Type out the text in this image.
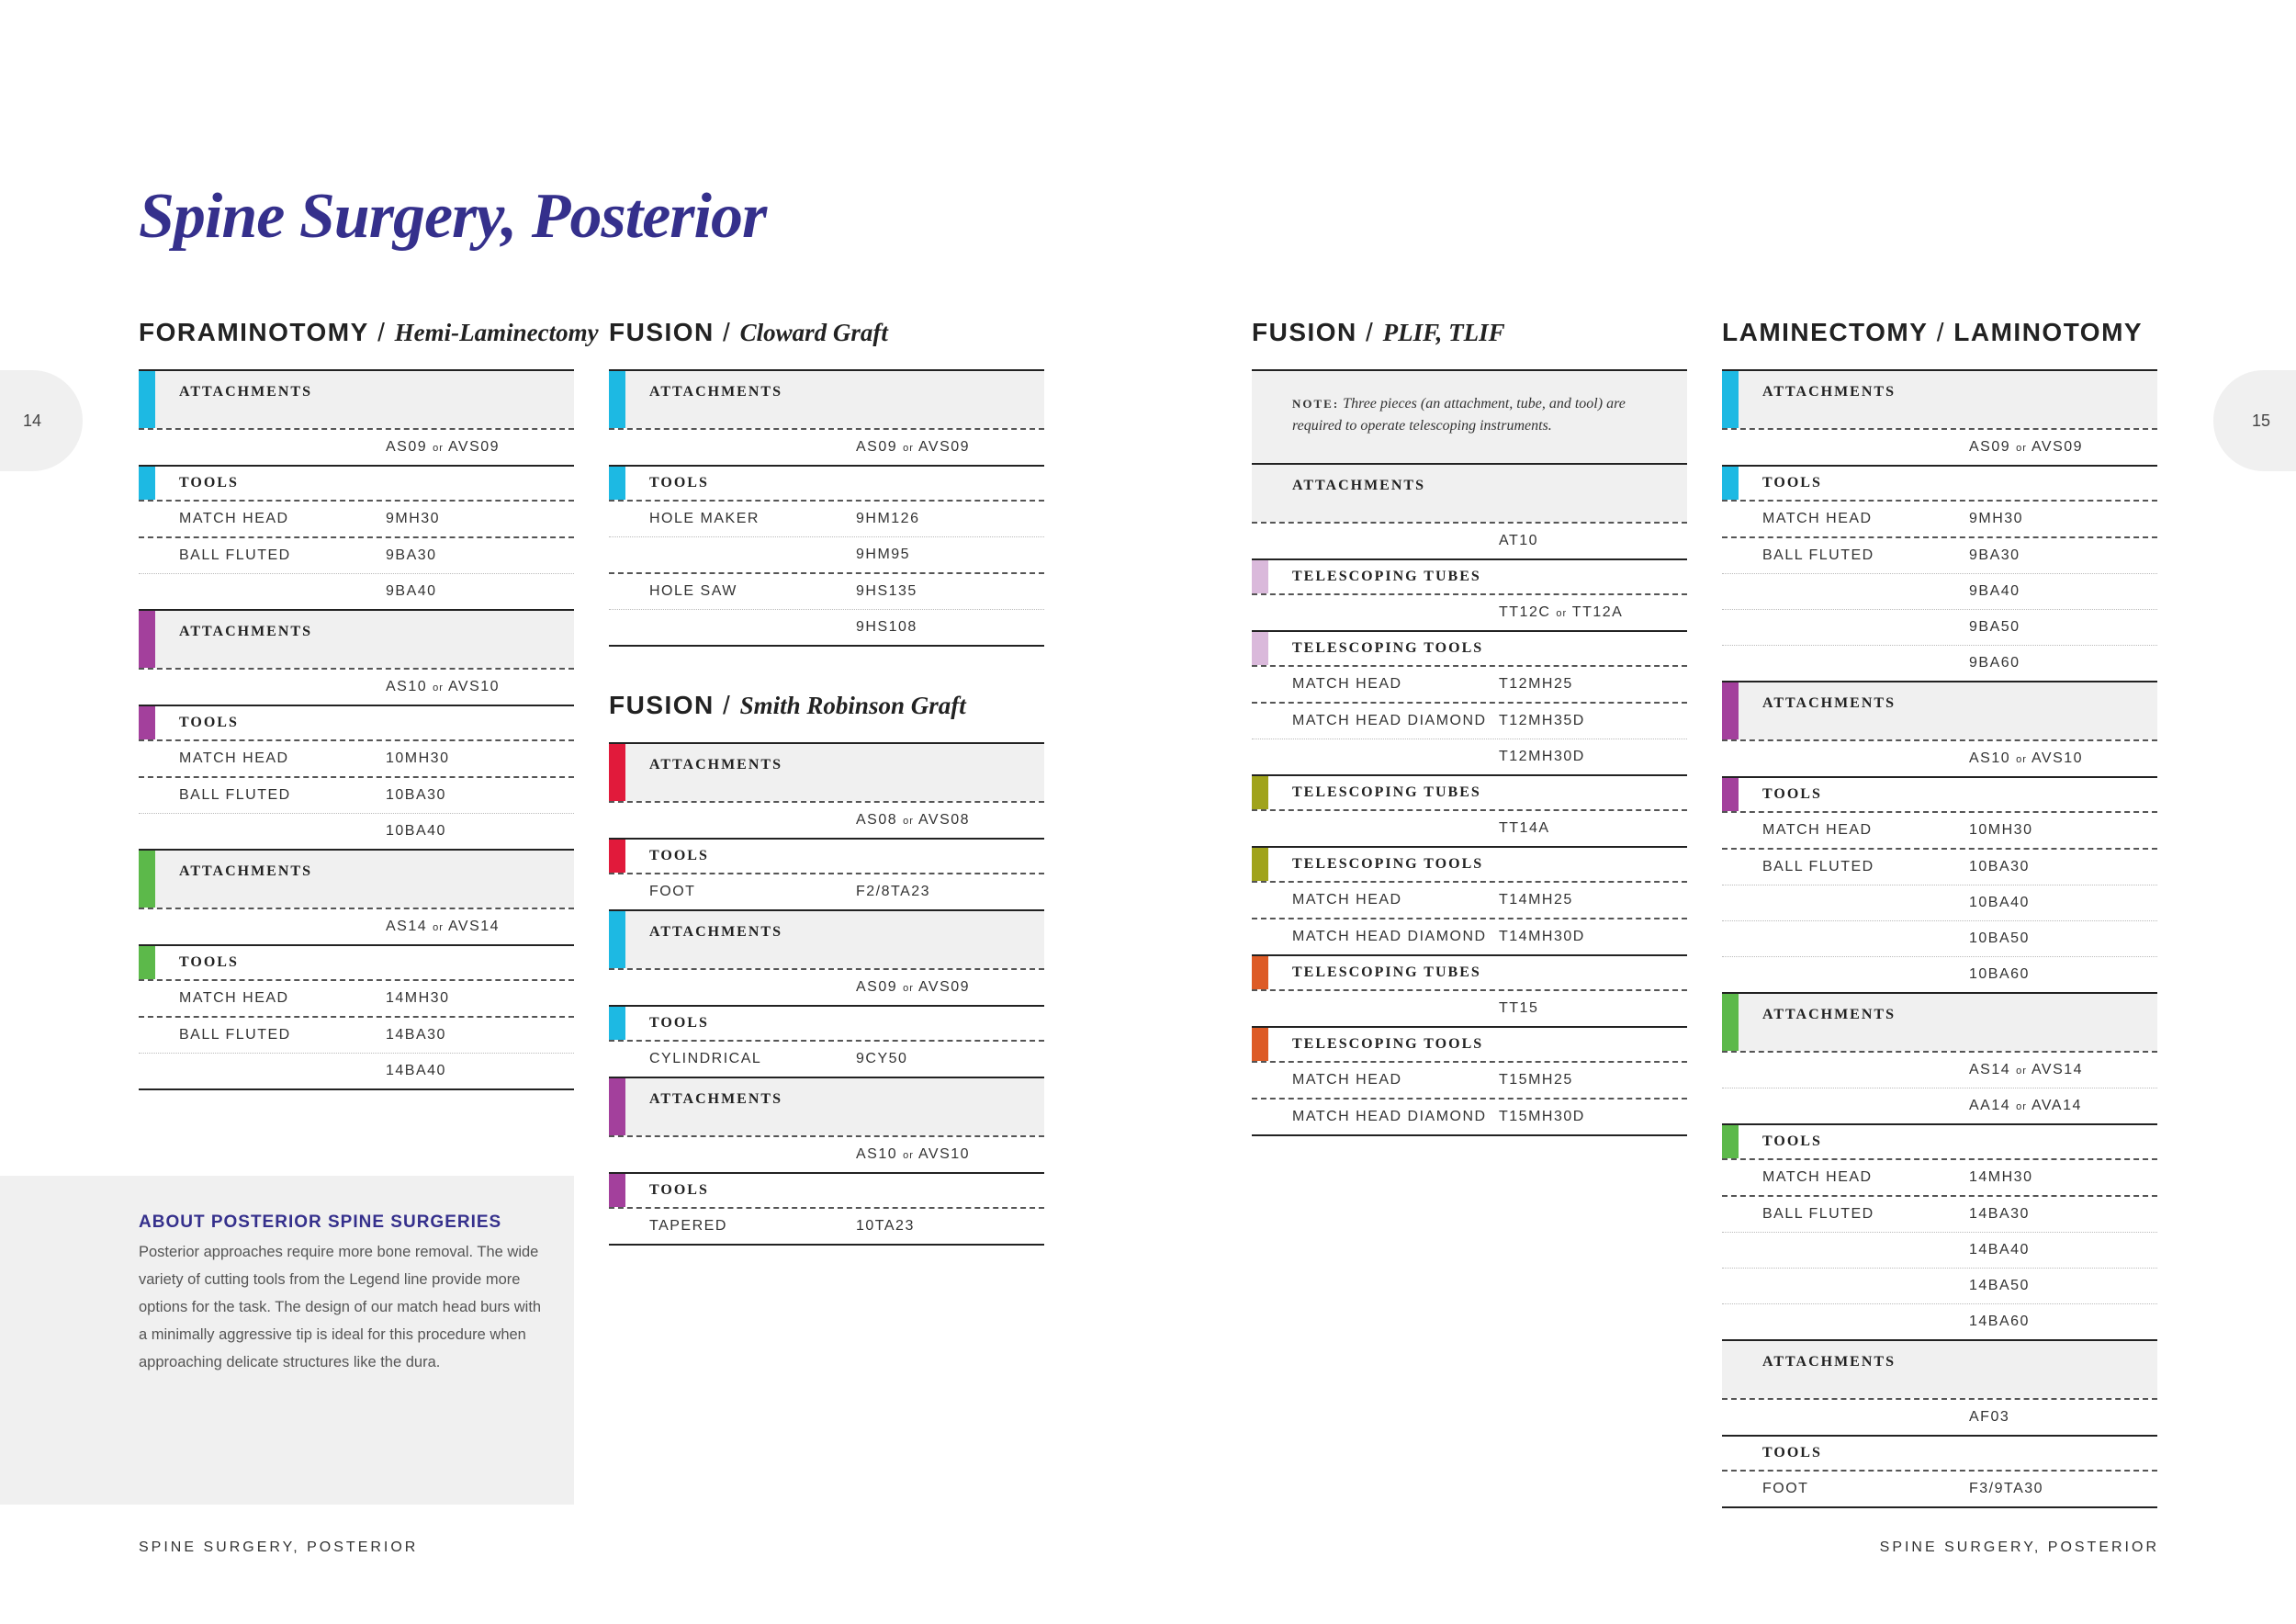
Spine Surgery, Posterior
14	15
FORAMINOTOMY / Hemi-Laminectomy
ATTACHMENTS
AS09 or AVS09
TOOLS
MATCH HEAD	9MH30
BALL FLUTED	9BA30
9BA40
ATTACHMENTS
AS10 or AVS10
TOOLS
MATCH HEAD	10MH30
BALL FLUTED	10BA30
10BA40
ATTACHMENTS
AS14 or AVS14
TOOLS
MATCH HEAD	14MH30
BALL FLUTED	14BA30
14BA40
ABOUT POSTERIOR SPINE SURGERIES

Posterior approaches require more bone removal. The wide variety of cutting tools from the Legend line provide more options for the task. The design of our match head burs with a minimally aggressive tip is ideal for this procedure when approaching delicate structures like the dura.

FUSION / Cloward Graft
ATTACHMENTS
AS09 or AVS09
TOOLS
HOLE MAKER	9HM126
9HM95
HOLE SAW	9HS135
9HS108
FUSION / Smith Robinson Graft
ATTACHMENTS
AS08 or AVS08
TOOLS
FOOT	F2/8TA23
ATTACHMENTS
AS09 or AVS09
TOOLS
CYLINDRICAL	9CY50
ATTACHMENTS
AS10 or AVS10
TOOLS
TAPERED	10TA23
FUSION / PLIF, TLIF
NOTE: Three pieces (an attachment, tube, and tool) are required to operate telescoping instruments.
ATTACHMENTS
AT10
TELESCOPING TUBES
TT12C or TT12A
TELESCOPING TOOLS
MATCH HEAD	T12MH25
MATCH HEAD DIAMOND T12MH35D
T12MH30D
TELESCOPING TUBES
TT14A
TELESCOPING TOOLS
MATCH HEAD	T14MH25
MATCH HEAD DIAMOND T14MH30D
TELESCOPING TUBES
TT15
TELESCOPING TOOLS
MATCH HEAD	T15MH25
MATCH HEAD DIAMOND T15MH30D
LAMINECTOMY / LAMINOTOMY
ATTACHMENTS
AS09 or AVS09
TOOLS
MATCH HEAD	9MH30
BALL FLUTED	9BA30
9BA40
9BA50
9BA60
ATTACHMENTS
AS10 or AVS10
TOOLS
MATCH HEAD	10MH30
BALL FLUTED	10BA30
10BA40
10BA50
10BA60
ATTACHMENTS
AS14 or AVS14
AA14 or AVA14
TOOLS
MATCH HEAD	14MH30
BALL FLUTED	14BA30
14BA40
14BA50
14BA60
ATTACHMENTS
AF03
TOOLS
FOOT	F3/9TA30
SPINE SURGERY, POSTERIOR	SPINE SURGERY, POSTERIOR
